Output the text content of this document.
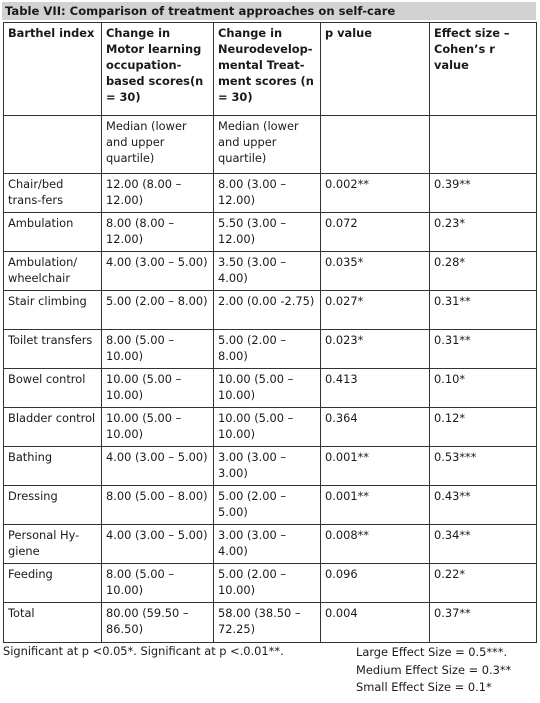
Table VII: Comparison of treatment approaches on self-care
Barthel index	Change in Motor learning occupation-based scores(n = 30)	Change in Neurodevelop-mental Treat-ment scores (n = 30)	p value	Effect size – Cohen’s r value
	Median (lower and upper quartile)	Median (lower and upper quartile)		
Chair/bed trans-fers	12.00 (8.00 – 12.00)	8.00 (3.00 – 12.00)	0.002**	0.39**
Ambulation	8.00 (8.00 – 12.00)	5.50 (3.00 – 12.00)	0.072	0.23*
Ambulation/ wheelchair	4.00 (3.00 – 5.00)	3.50 (3.00 – 4.00)	0.035*	0.28*
Stair climbing	5.00 (2.00 – 8.00)	2.00 (0.00 -2.75)	0.027*	0.31**
Toilet transfers	8.00 (5.00 – 10.00)	5.00 (2.00 – 8.00)	0.023*	0.31**
Bowel control	10.00 (5.00 – 10.00)	10.00 (5.00 – 10.00)	0.413	0.10*
Bladder control	10.00 (5.00 – 10.00)	10.00 (5.00 – 10.00)	0.364	0.12*
Bathing	4.00 (3.00 – 5.00)	3.00 (3.00 – 3.00)	0.001**	0.53***
Dressing	8.00 (5.00 – 8.00)	5.00 (2.00 – 5.00)	0.001**	0.43**
Personal Hy-giene	4.00 (3.00 – 5.00)	3.00 (3.00 – 4.00)	0.008**	0.34**
Feeding	8.00 (5.00 – 10.00)	5.00 (2.00 – 10.00)	0.096	0.22*
Total	80.00 (59.50 – 86.50)	58.00 (38.50 – 72.25)	0.004	0.37**
Significant at p <0.05*. Significant at p <.0.01**.	Large Effect Size = 0.5***.
Medium Effect Size = 0.3**
Small Effect Size = 0.1*
